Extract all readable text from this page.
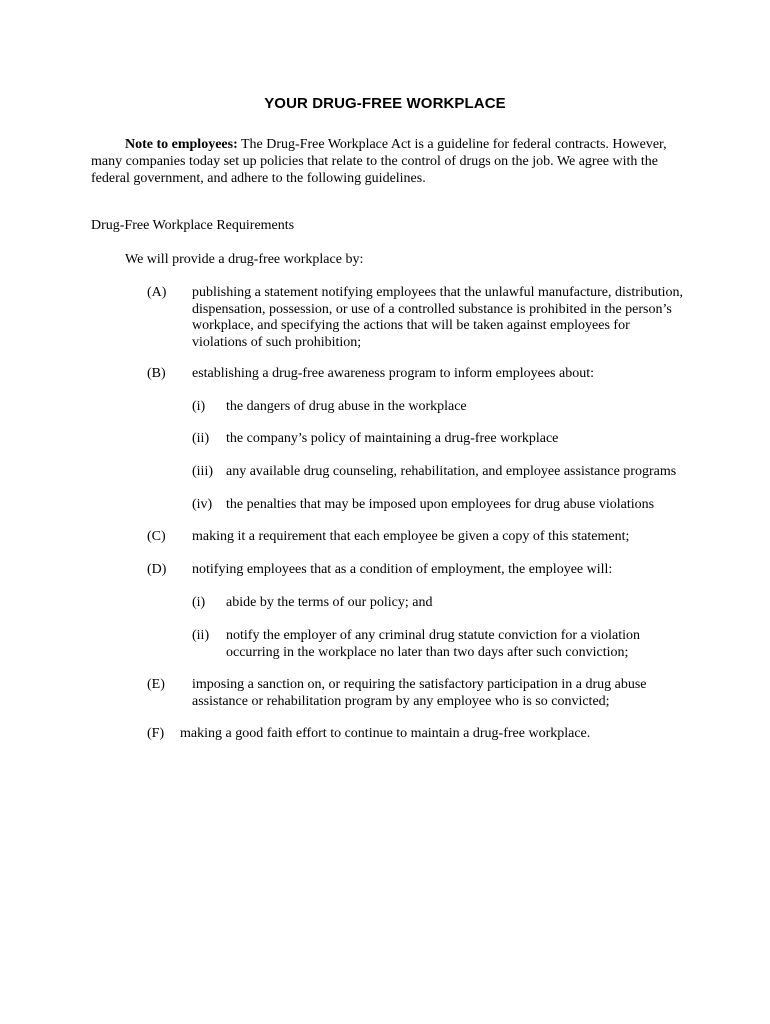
YOUR DRUG-FREE WORKPLACE

Note to employees: The Drug-Free Workplace Act is a guideline for federal contracts. However, many companies today set up policies that relate to the control of drugs on the job. We agree with the federal government, and adhere to the following guidelines.

Drug-Free Workplace Requirements
We will provide a drug-free workplace by:
(A) publishing a statement notifying employees that the unlawful manufacture, distribution, dispensation, possession, or use of a controlled substance is prohibited in the person’s workplace, and specifying the actions that will be taken against employees for violations of such prohibition;
(B) establishing a drug-free awareness program to inform employees about:
(i) the dangers of drug abuse in the workplace
(ii) the company’s policy of maintaining a drug-free workplace
(iii) any available drug counseling, rehabilitation, and employee assistance programs
(iv) the penalties that may be imposed upon employees for drug abuse violations
(C) making it a requirement that each employee be given a copy of this statement;
(D) notifying employees that as a condition of employment, the employee will:
(i) abide by the terms of our policy; and
(ii) notify the employer of any criminal drug statute conviction for a violation occurring in the workplace no later than two days after such conviction;
(E) imposing a sanction on, or requiring the satisfactory participation in a drug abuse assistance or rehabilitation program by any employee who is so convicted;
(F) making a good faith effort to continue to maintain a drug-free workplace.
